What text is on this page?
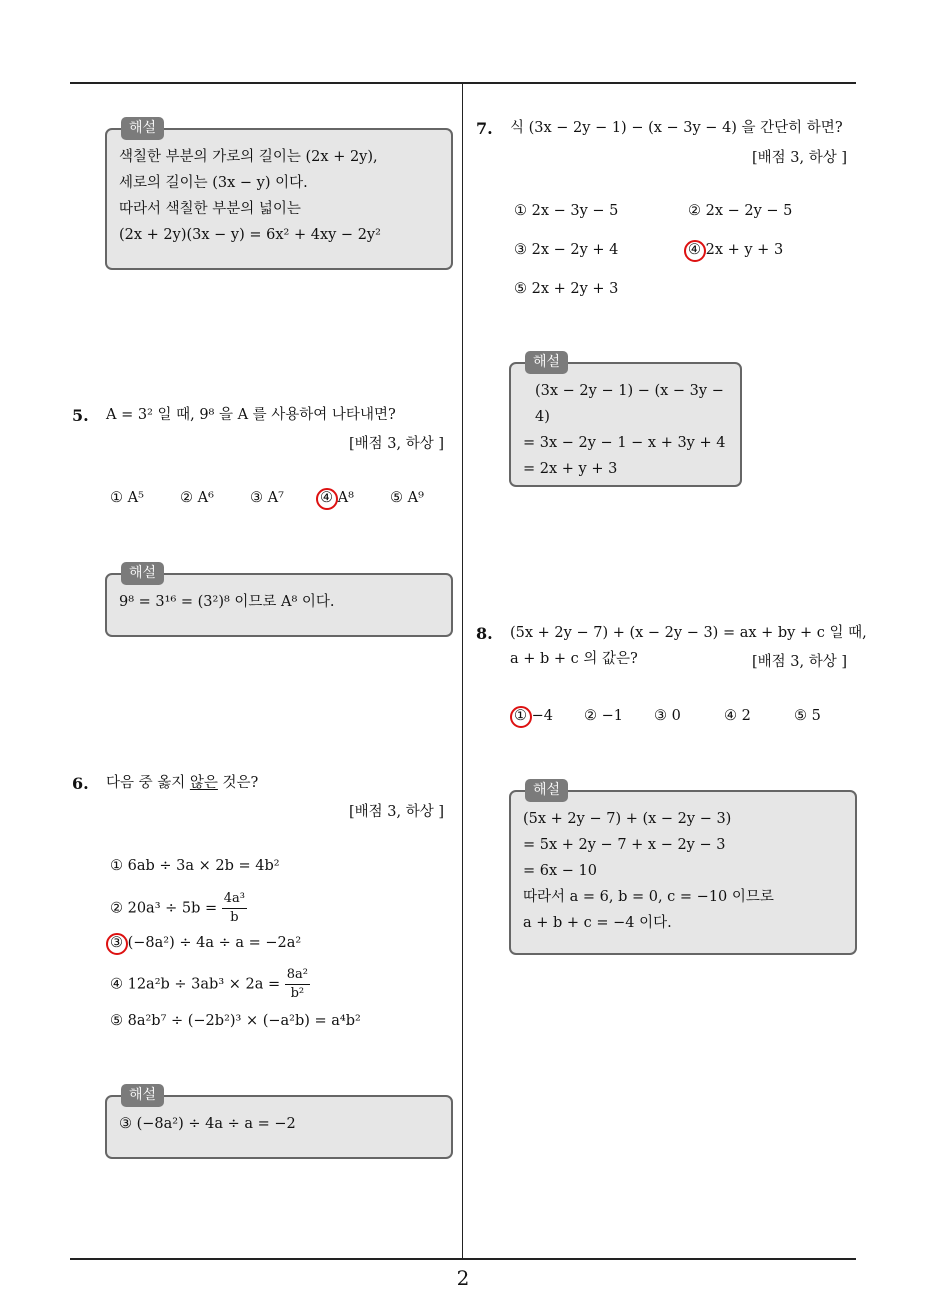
해설
색칠한 부분의 가로의 길이는 (2x + 2y),
세로의 길이는 (3x − y) 이다.
따라서 색칠한 부분의 넓이는
(2x + 2y)(3x − y) = 6x² + 4xy − 2y²
5. A = 3² 일 때, 9⁸ 을 A 를 사용하여 나타내면?
[배점 3, 하상 ]
① A⁵ ② A⁶ ③ A⁷ ④ A⁸ ⑤ A⁹
해설
9⁸ = 3¹⁶ = (3²)⁸ 이므로 A⁸ 이다.
6. 다음 중 옳지 않은 것은?
[배점 3, 하상 ]
① 6ab ÷ 3a × 2b = 4b²
② $20a^3 \div 5b = \frac{\text{4a³}}{b}$
③ (−8a²) ÷ 4a ÷ a = −2a²
④ $12a^2b \div 3ab^3 \times 2a = \frac{\text{8a²}}{\text{b²}}$
⑤ 8a²b⁷ ÷ (−2b²)³ × (−a²b) = a⁴b²
해설
③ (−8a²) ÷ 4a ÷ a = −2
7. 식 (3x − 2y − 1) − (x − 3y − 4) 을 간단히 하면?
[배점 3, 하상 ]
① 2x − 3y − 5	② 2x − 2y − 5
③ 2x − 2y + 4	④ 2x + y + 3
⑤ 2x + 2y + 3
해설
(3x − 2y − 1) − (x − 3y − 4)
= 3x − 2y − 1 − x + 3y + 4
= 2x + y + 3
8. (5x + 2y − 7) + (x − 2y − 3) = ax + by + c 일 때,
a + b + c 의 값은?	[배점 3, 하상 ]
① −4 ② −1 ③ 0	④ 2	⑤ 5
해설
(5x + 2y − 7) + (x − 2y − 3)
= 5x + 2y − 7 + x − 2y − 3
= 6x − 10
따라서 a = 6, b = 0, c = −10 이므로
a + b + c = −4 이다.
2
